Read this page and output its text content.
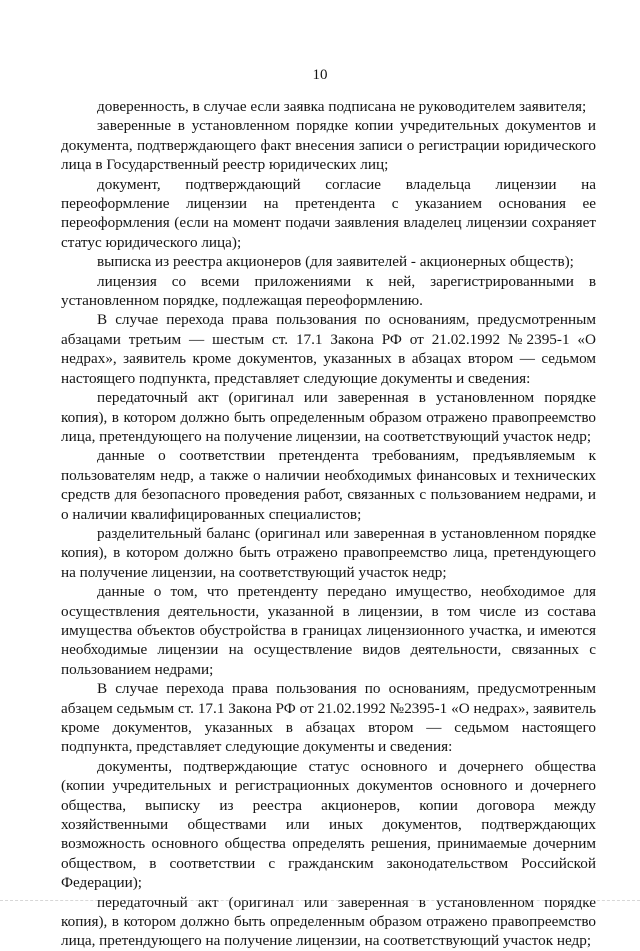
10

доверенность, в случае если заявка подписана не руководителем заявителя;

заверенные в установленном порядке копии учредительных документов и документа, подтверждающего факт внесения записи о регистрации юридического лица в Государственный реестр юридических лиц;

документ, подтверждающий согласие владельца лицензии на переоформление лицензии на претендента с указанием основания ее переоформления (если на момент подачи заявления владелец лицензии сохраняет статус юридического лица);

выписка из реестра акционеров (для заявителей - акционерных обществ);

лицензия со всеми приложениями к ней, зарегистрированными в установленном порядке, подлежащая переоформлению.

В случае перехода права пользования по основаниям, предусмотренным абзацами третьим — шестым ст. 17.1 Закона РФ от 21.02.1992 №2395-1 «О недрах», заявитель кроме документов, указанных в абзацах втором — седьмом настоящего подпункта, представляет следующие документы и сведения:

передаточный акт (оригинал или заверенная в установленном порядке копия), в котором должно быть определенным образом отражено правопреемство лица, претендующего на получение лицензии, на соответствующий участок недр;

данные о соответствии претендента требованиям, предъявляемым к пользователям недр, а также о наличии необходимых финансовых и технических средств для безопасного проведения работ, связанных с пользованием недрами, и о наличии квалифицированных специалистов;

разделительный баланс (оригинал или заверенная в установленном порядке копия), в котором должно быть отражено правопреемство лица, претендующего на получение лицензии, на соответствующий участок недр;

данные о том, что претенденту передано имущество, необходимое для осуществления деятельности, указанной в лицензии, в том числе из состава имущества объектов обустройства в границах лицензионного участка, и имеются необходимые лицензии на осуществление видов деятельности, связанных с пользованием недрами;

В случае перехода права пользования по основаниям, предусмотренным абзацем седьмым ст. 17.1 Закона РФ от 21.02.1992 №2395-1 «О недрах», заявитель кроме документов, указанных в абзацах втором — седьмом настоящего подпункта, представляет следующие документы и сведения:

документы, подтверждающие статус основного и дочернего общества (копии учредительных и регистрационных документов основного и дочернего общества, выписку из реестра акционеров, копии договора между хозяйственными обществами или иных документов, подтверждающих возможность основного общества определять решения, принимаемые дочерним обществом, в соответствии с гражданским законодательством Российской Федерации);

передаточный акт (оригинал или заверенная в установленном порядке копия), в котором должно быть определенным образом отражено правопреемство лица, претендующего на получение лицензии, на соответствующий участок недр;
